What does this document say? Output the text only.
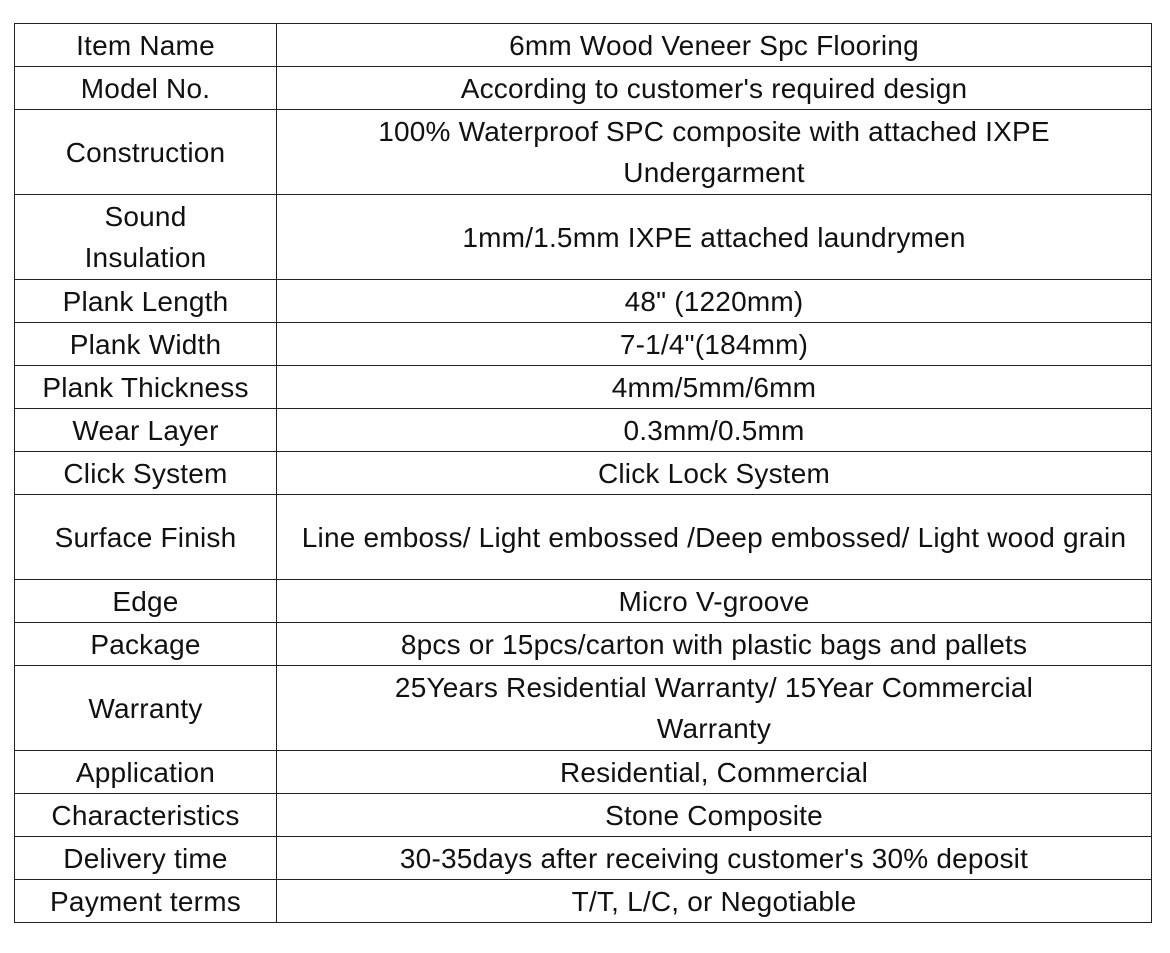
Item Name	6mm Wood Veneer Spc Flooring
Model No.	According to customer's required design
Construction	100% Waterproof SPC composite with attached IXPE Undergarment
Sound Insulation	1mm/1.5mm IXPE attached laundrymen
Plank Length	48" (1220mm)
Plank Width	7-1/4"(184mm)
Plank Thickness	4mm/5mm/6mm
Wear Layer	0.3mm/0.5mm
Click System	Click Lock System
Surface Finish	Line emboss/ Light embossed /Deep embossed/ Light wood grain
Edge	Micro V-groove
Package	8pcs or 15pcs/carton with plastic bags and pallets
Warranty	25Years Residential Warranty/ 15Year Commercial Warranty
Application	Residential, Commercial
Characteristics	Stone Composite
Delivery time	30-35days after receiving customer's 30% deposit
Payment terms	T/T, L/C, or Negotiable
